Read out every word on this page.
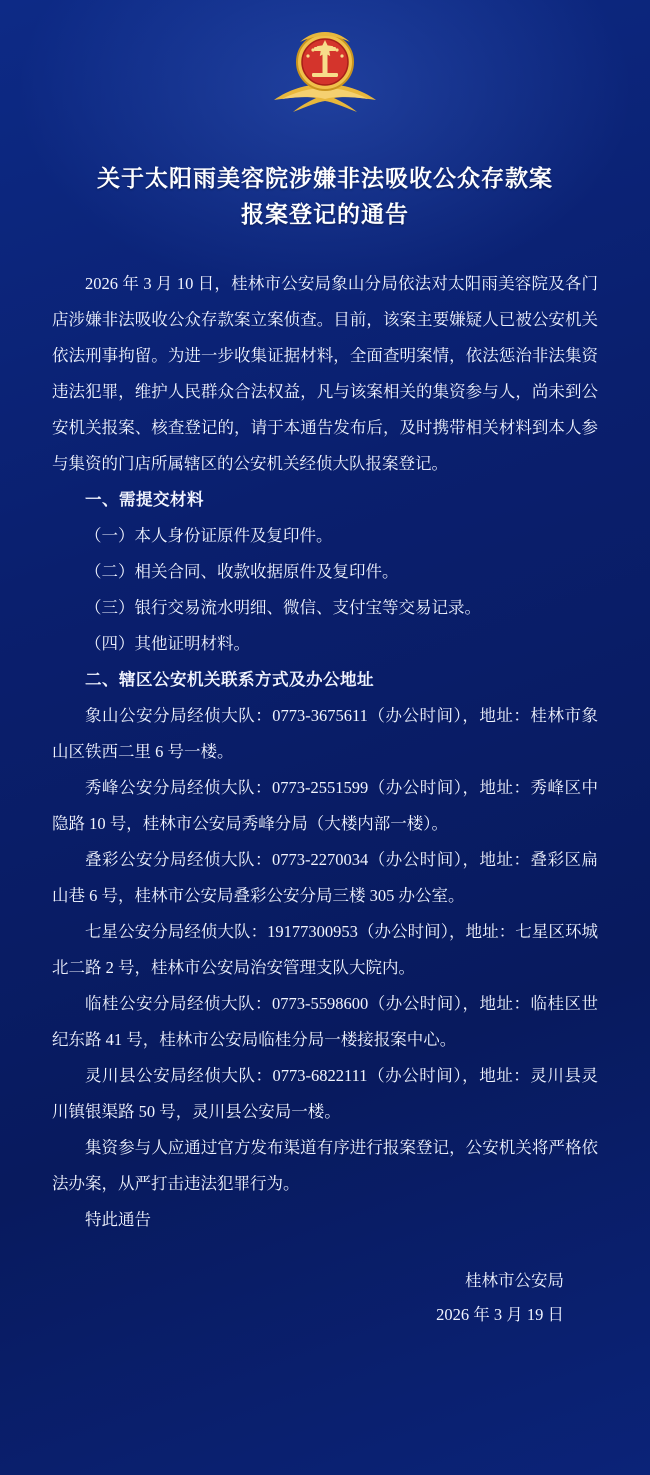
关于太阳雨美容院涉嫌非法吸收公众存款案
报案登记的通告

2026 年 3 月 10 日，桂林市公安局象山分局依法对太阳雨美容院及各门店涉嫌非法吸收公众存款案立案侦查。目前，该案主要嫌疑人已被公安机关依法刑事拘留。为进一步收集证据材料，全面查明案情，依法惩治非法集资违法犯罪，维护人民群众合法权益，凡与该案相关的集资参与人，尚未到公安机关报案、核查登记的，请于本通告发布后，及时携带相关材料到本人参与集资的门店所属辖区的公安机关经侦大队报案登记。

一、需提交材料

（一）本人身份证原件及复印件。

（二）相关合同、收款收据原件及复印件。

（三）银行交易流水明细、微信、支付宝等交易记录。

（四）其他证明材料。

二、辖区公安机关联系方式及办公地址

象山公安分局经侦大队：0773-3675611（办公时间），地址：桂林市象山区铁西二里 6 号一楼。

秀峰公安分局经侦大队：0773-2551599（办公时间），地址：秀峰区中隐路 10 号，桂林市公安局秀峰分局（大楼内部一楼）。

叠彩公安分局经侦大队：0773-2270034（办公时间），地址：叠彩区扁山巷 6 号，桂林市公安局叠彩公安分局三楼 305 办公室。

七星公安分局经侦大队：19177300953（办公时间），地址：七星区环城北二路 2 号，桂林市公安局治安管理支队大院内。

临桂公安分局经侦大队：0773-5598600（办公时间），地址：临桂区世纪东路 41 号，桂林市公安局临桂分局一楼接报案中心。

灵川县公安局经侦大队：0773-6822111（办公时间），地址：灵川县灵川镇银渠路 50 号，灵川县公安局一楼。

集资参与人应通过官方发布渠道有序进行报案登记，公安机关将严格依法办案，从严打击违法犯罪行为。

特此通告

桂林市公安局
2026 年 3 月 19 日
